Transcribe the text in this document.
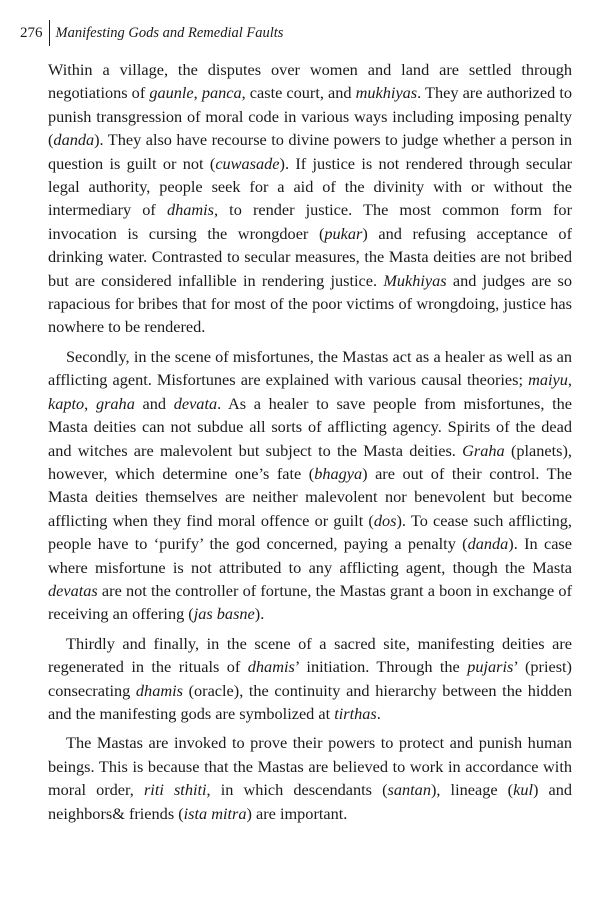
276 Manifesting Gods and Remedial Faults

Within a village, the disputes over women and land are settled through negotiations of gaunle, panca, caste court, and mukhiyas. They are authorized to punish transgression of moral code in various ways including imposing penalty (danda). They also have recourse to divine powers to judge whether a person in question is guilt or not (cuwasade). If justice is not rendered through secular legal authority, people seek for a aid of the divinity with or without the intermediary of dhamis, to render justice. The most common form for invocation is cursing the wrongdoer (pukar) and refusing acceptance of drinking water. Contrasted to secular measures, the Masta deities are not bribed but are considered infallible in rendering justice. Mukhiyas and judges are so rapacious for bribes that for most of the poor victims of wrongdoing, justice has nowhere to be rendered.

Secondly, in the scene of misfortunes, the Mastas act as a healer as well as an afflicting agent. Misfortunes are explained with various causal theories; maiyu, kapto, graha and devata. As a healer to save people from misfortunes, the Masta deities can not subdue all sorts of afflicting agency. Spirits of the dead and witches are malevolent but subject to the Masta deities. Graha (planets), however, which determine one’s fate (bhagya) are out of their control. The Masta deities themselves are neither malevolent nor benevolent but become afflicting when they find moral offence or guilt (dos). To cease such afflicting, people have to ‘purify’ the god concerned, paying a penalty (danda). In case where misfortune is not attributed to any afflicting agent, though the Masta devatas are not the controller of fortune, the Mastas grant a boon in exchange of receiving an offering (jas basne).

Thirdly and finally, in the scene of a sacred site, manifesting deities are regenerated in the rituals of dhamis’ initiation. Through the pujaris’ (priest) consecrating dhamis (oracle), the continuity and hierarchy between the hidden and the manifesting gods are symbolized at tirthas.

The Mastas are invoked to prove their powers to protect and punish human beings. This is because that the Mastas are believed to work in accordance with moral order, riti sthiti, in which descendants (santan), lineage (kul) and neighbors& friends (ista mitra) are important.
